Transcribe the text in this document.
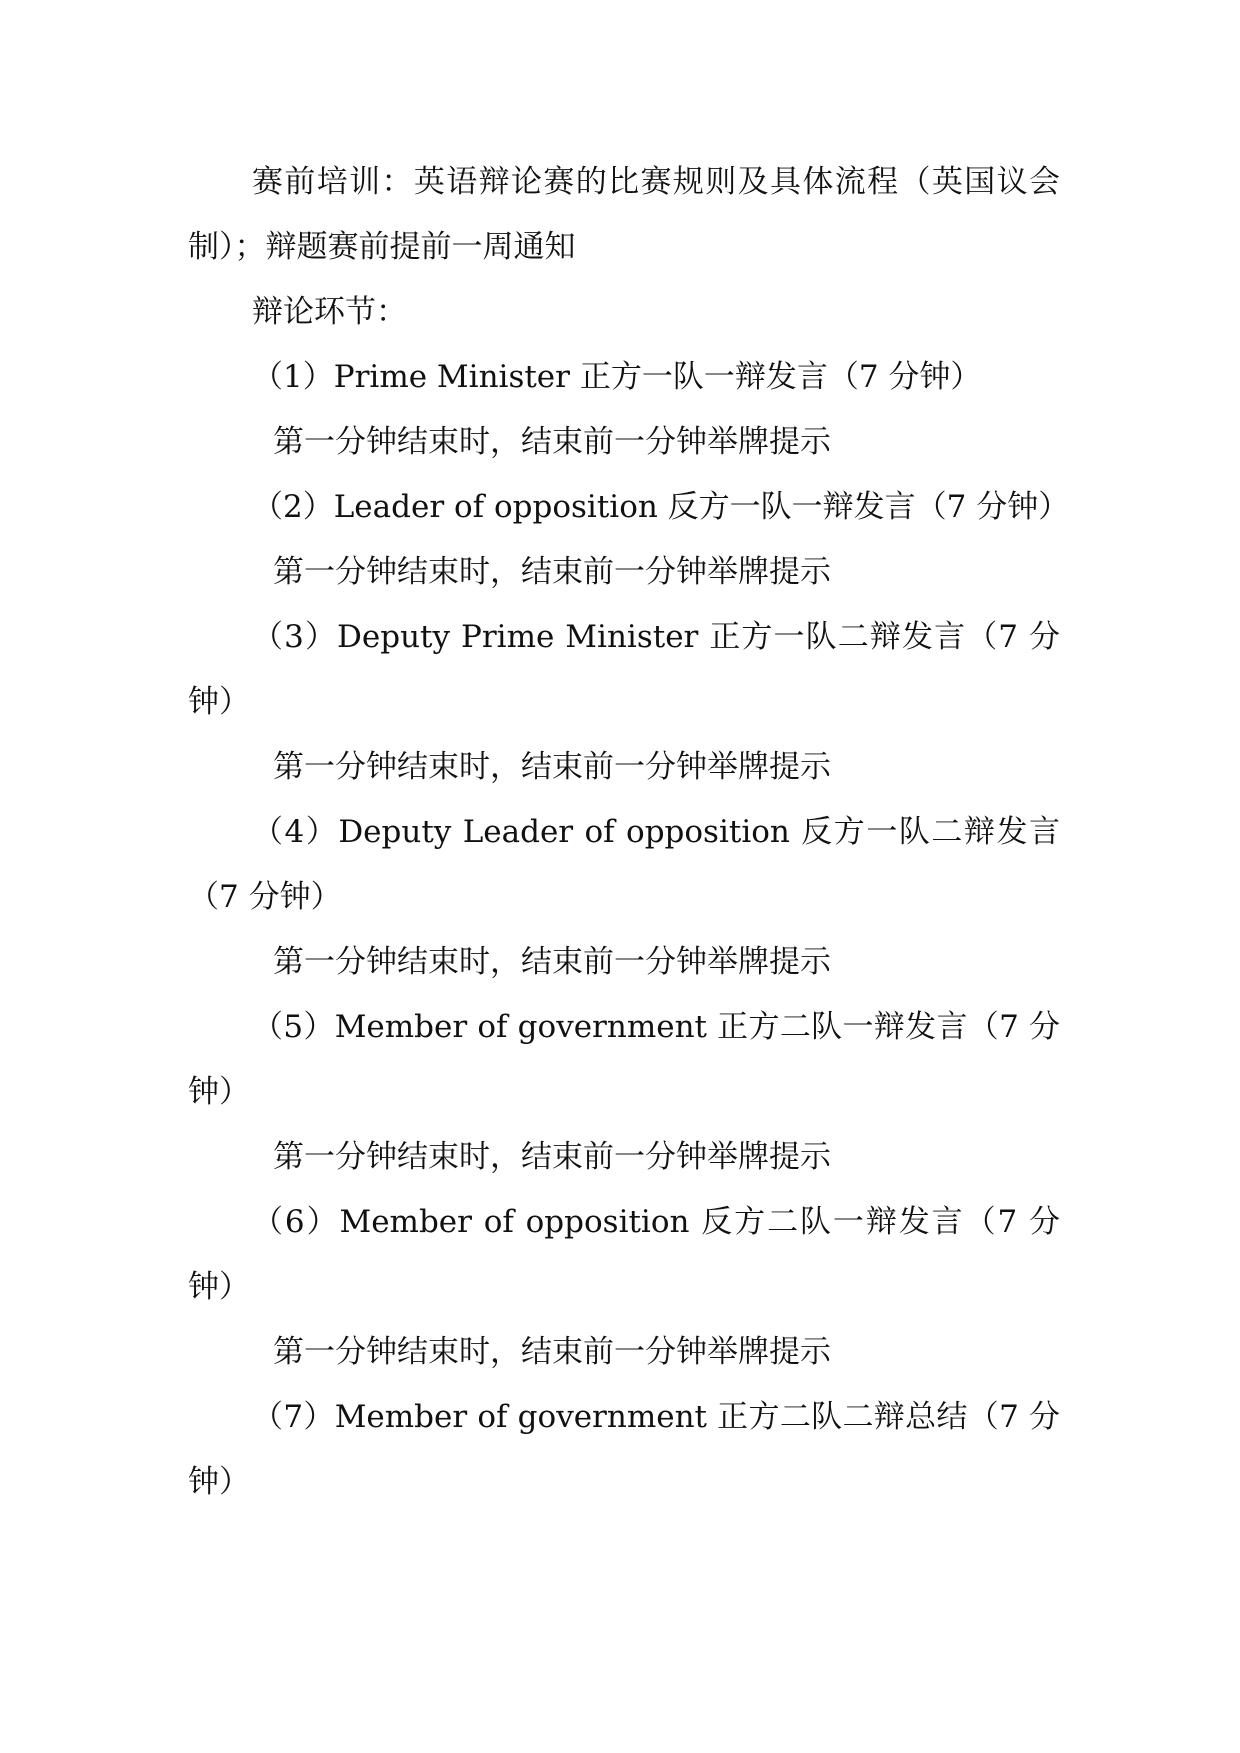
赛前培训：英语辩论赛的比赛规则及具体流程（英国议会制）；辩题赛前提前一周通知

辩论环节：

（1）Prime Minister 正方一队一辩发言（7 分钟）

第一分钟结束时，结束前一分钟举牌提示

（2）Leader of opposition 反方一队一辩发言（7 分钟）

第一分钟结束时，结束前一分钟举牌提示

（3）Deputy Prime Minister 正方一队二辩发言（7 分钟）

第一分钟结束时，结束前一分钟举牌提示

（4）Deputy Leader of opposition 反方一队二辩发言（7 分钟）

第一分钟结束时，结束前一分钟举牌提示

（5）Member of government 正方二队一辩发言（7 分钟）

第一分钟结束时，结束前一分钟举牌提示

（6）Member of opposition 反方二队一辩发言（7 分钟）

第一分钟结束时，结束前一分钟举牌提示

（7）Member of government 正方二队二辩总结（7 分钟）
